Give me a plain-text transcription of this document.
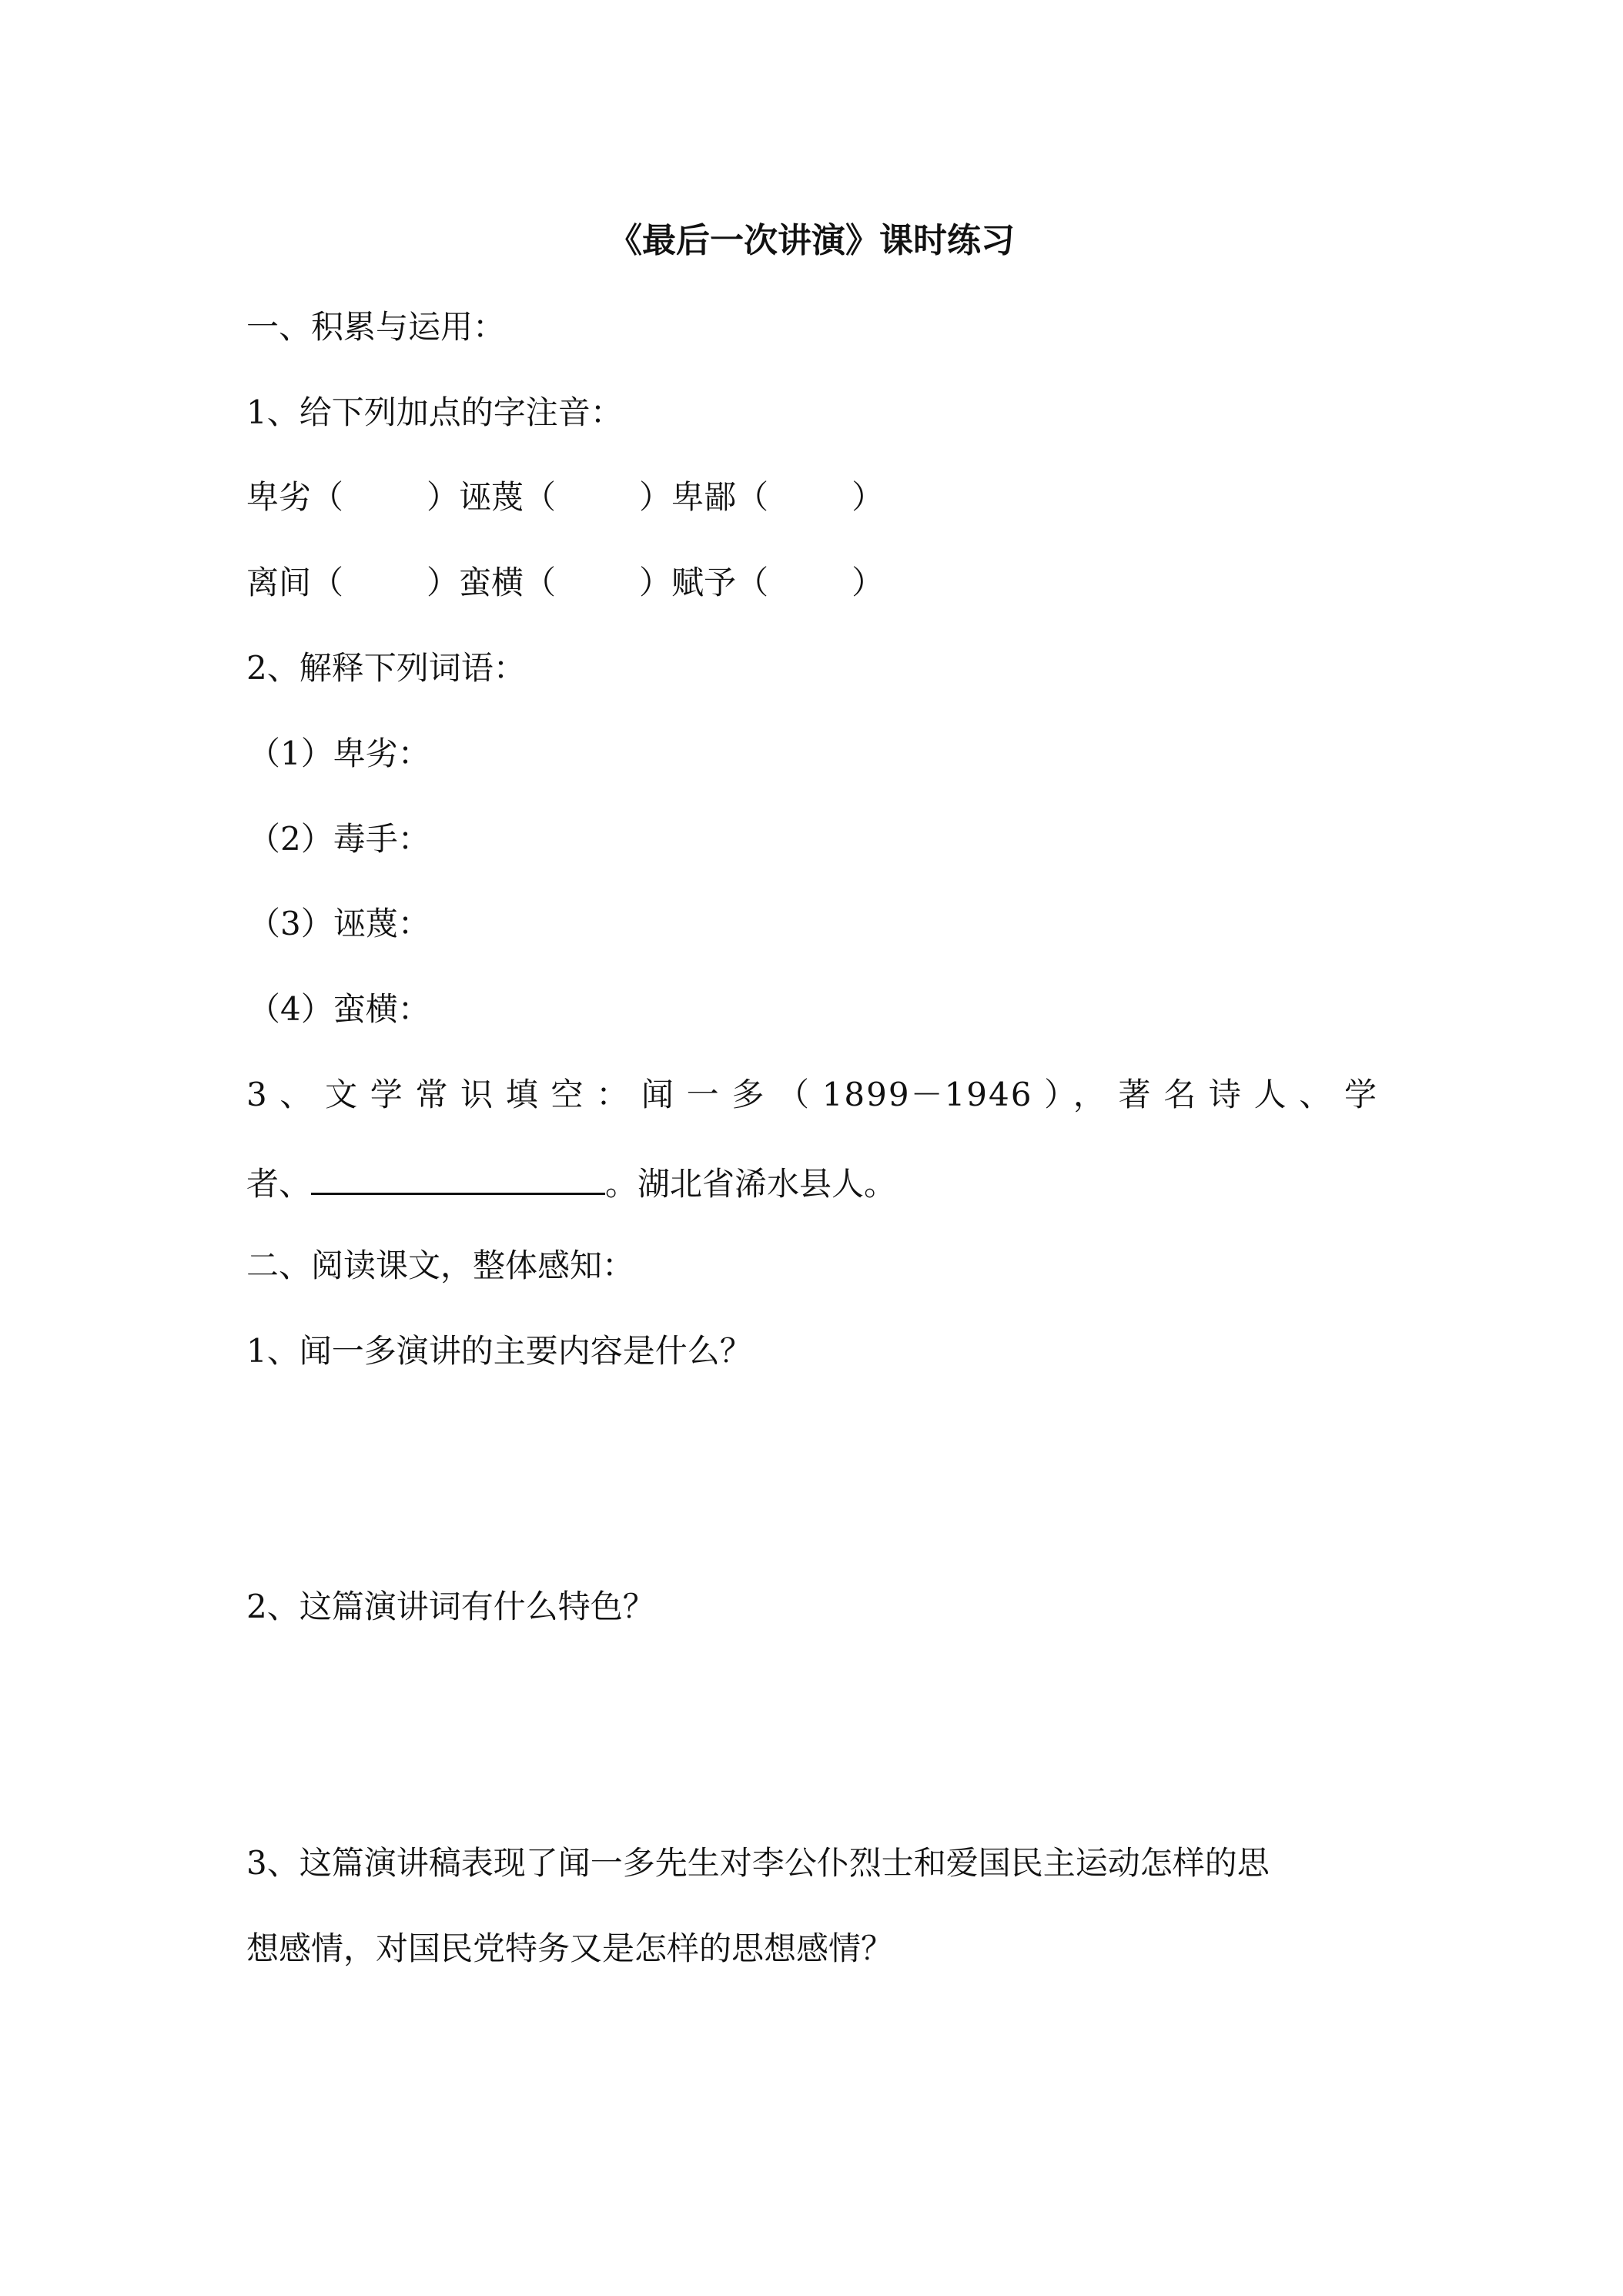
《最后一次讲演》课时练习
一、积累与运用：
1、给下列加点的字注音：
卑劣（	）诬蔑（	）卑鄙（	）
离间（	）蛮横（	）赋予（	）
2、解释下列词语：
（1）卑劣：
（2）毒手：
（3）诬蔑：
（4）蛮横：
3、文学常识填空：闻一多（1899－1946），著名诗人、学
者、	。湖北省浠水县人。
二、阅读课文，整体感知：
1、闻一多演讲的主要内容是什么？
2、这篇演讲词有什么特色？
3、这篇演讲稿表现了闻一多先生对李公仆烈士和爱国民主运动怎样的思
想感情，对国民党特务又是怎样的思想感情？
